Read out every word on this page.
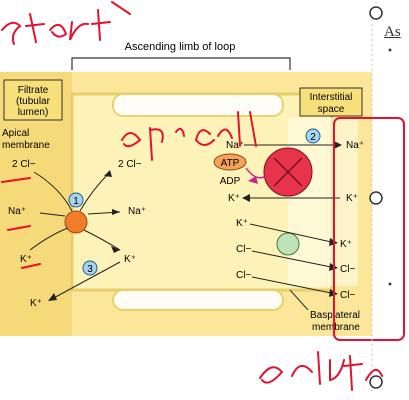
Ascending limb of loop
Filtrate
(tubular
lumen)
Apical
membrane
Interstitial
space
2 Cl−	2 Cl−
Na⁺	Na⁺
K⁺	K⁺
K⁺
1
3
2
ATP
ADP
Na⁺	Na⁺
K⁺	K⁺
K⁺
K⁺
Cl−
Cl−
Cl−
Cl−
Basplateral
membrane
As
